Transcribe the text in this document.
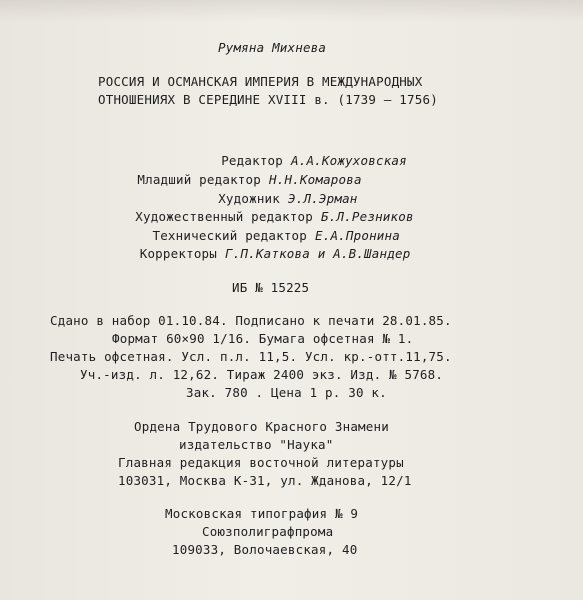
Румяна Михнева
РОССИЯ И ОСМАНСКАЯ ИМПЕРИЯ В МЕЖДУНАРОДНЫХ
ОТНОШЕНИЯХ В СЕРЕДИНЕ XVIII в. (1739 — 1756)
Редактор А.А.Кожуховская
Младший редактор Н.Н.Комарова
Художник Э.Л.Эрман
Художественный редактор Б.Л.Резников
Технический редактор Е.А.Пронина
Корректоры Г.П.Каткова и А.В.Шандер
ИБ № 15225
Сдано в набор 01.10.84. Подписано к печати 28.01.85.
Формат 60×90 1/16. Бумага офсетная № 1.
Печать офсетная. Усл. п.л. 11,5. Усл. кр.-отт.11,75.
Уч.-изд. л. 12,62. Тираж 2400 экз. Изд. № 5768.
Зак. 780 . Цена 1 р. 30 к.
Ордена Трудового Красного Знамени
издательство "Наука"
Главная редакция восточной литературы
103031, Москва К-31, ул. Жданова, 12/1
Московская типография № 9
Союзполиграфпрома
109033, Волочаевская, 40
